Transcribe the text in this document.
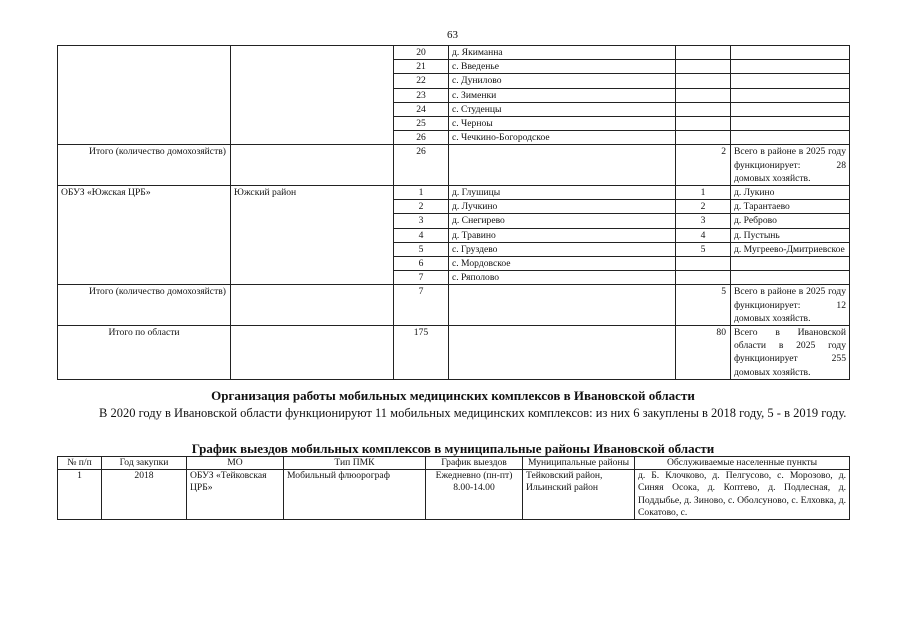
63
		20	д. Якиманна		
		21	с. Введенье		
		22	с. Дунилово		
		23	с. Зименки		
		24	с. Студенцы		
		25	с. Черноы		
		26	с. Чечкино-Богородское		
Итого (количество домохозяйств)		26		2	Всего в районе в 2025 году функционирует: 28 домовых хозяйств.
ОБУЗ «Южская ЦРБ»	Южский район	1	д. Глушицы	1	д. Лукино
		2	д. Лучкино	2	д. Тарантаево
		3	д. Снегирево	3	д. Реброво
		4	д. Травино	4	д. Пустынь
		5	с. Груздево	5	д. Мугреево-Дмитриевское
		6	с. Мордовское		
		7	с. Ряполово		
Итого (количество домохозяйств)		7		5	Всего в районе в 2025 году функционирует: 12 домовых хозяйств.
Итого по области		175		80	Всего в Ивановской области в 2025 году функционирует 255 домовых хозяйств.
Организация работы мобильных медицинских комплексов в Ивановской области
В 2020 году в Ивановской области функционируют 11 мобильных медицинских комплексов: из них 6 закуплены в 2018 году, 5 - в 2019 году.
График выездов мобильных комплексов в муниципальные районы Ивановской области
№ п/п	Год закупки	МО	Тип ПМК	График выездов	Муниципальные районы	Обслуживаемые населенные пункты
1	2018	ОБУЗ «Тейковская ЦРБ»	Мобильный флюорограф	Ежедневно (пн-пт) 8.00-14.00	Тейковский район, Ильинский район	д. Б. Клочково, д. Пелгусово, с. Морозово, д. Синяя Осока, д. Коптево, д. Подлесная, д. Поддыбье, д. Зиново, с. Оболсуново, с. Елховка, д. Сокатово, с.
